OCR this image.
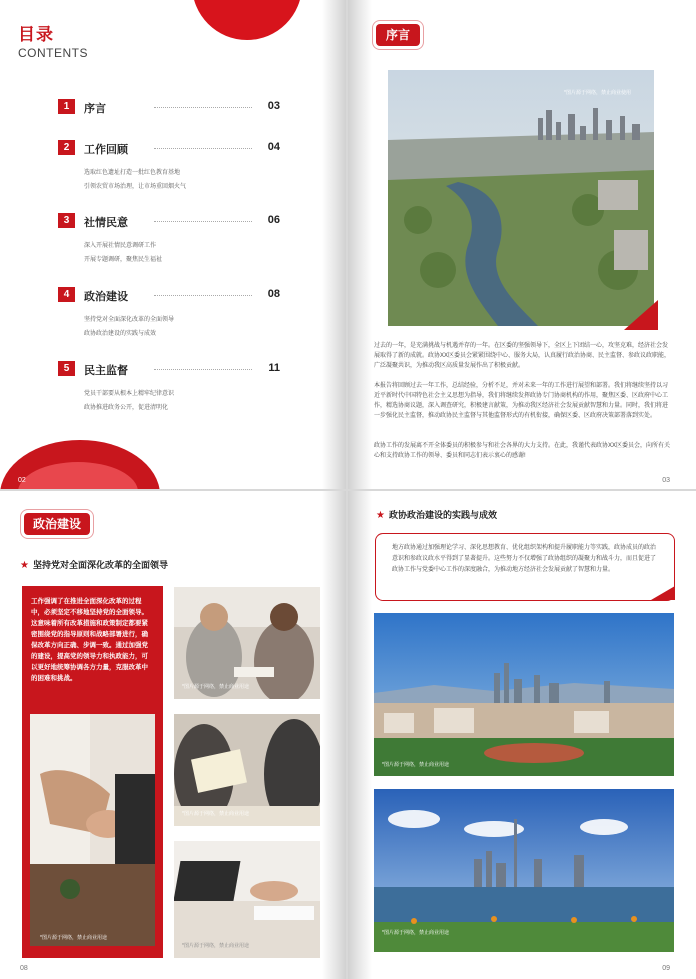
目录
CONTENTS
1	序言	03
2	工作回顾	04
选取红色遗址打造一批红色教育基地
引领农贸市场治理，让市场重回烟火气
3	社情民意	06
深入开展社情民意调研工作
开展专题调研，聚焦民生福祉
4	政治建设	08
坚持党对全面深化改革的全面领导
政协政治建设的实践与成效
5	民主监督	11
党员干部要从根本上精牢纪律意识
政协推进政务公开，促进清明化
02
序言
*图片源于网络，禁止商业使用
过去的一年，是充满挑战与机遇并存的一年。在区委的坚强领导下，全区上下团结一心，攻坚克难，经济社会发展取得了新的成就。政协XX区委员会紧紧围绕中心、服务大局，认真履行政治协商、民主监督、参政议政职能，广泛凝聚共识，为推动我区高质量发展作出了积极贡献。
本报告将回顾过去一年工作，总结经验，分析不足，并对未来一年的工作进行展望和部署。我们将继续坚持以习近平新时代中国特色社会主义思想为指导，我们将继续发挥政协专门协商机构的作用，聚焦区委、区政府中心工作，精选协商议题，深入调查研究，积极建言献策，为推动我区经济社会发展贡献智慧和力量。同时，我们将进一步强化民主监督，推动政协民主监督与其他监督形式的有机衔接，确保区委、区政府决策部署落到实处。
政协工作的发展离不开全体委员的积极参与和社会各界的大力支持。在此，我谨代表政协XX区委员会，向所有关心和支持政协工作的领导、委员和同志们表示衷心的感谢!
03
政治建设
★ 坚持党对全面深化改革的全面领导
工作强调了在推进全面深化改革的过程中，必须坚定不移地坚持党的全面领导。这意味着所有改革措施和政策制定都要紧密围绕党的指导原则和战略部署进行，确保改革方向正确、步调一致。通过加强党的建设，提高党的领导力和执政能力，可以更好地统筹协调各方力量，克服改革中的困难和挑战。
*图片源于网络，禁止商业用途
*图片源于网络，禁止商业用途
*图片源于网络，禁止商业用途
*图片源于网络，禁止商业用途
08
★ 政协政治建设的实践与成效
地方政协通过加强理论学习、深化思想教育、优化组织架构和提升履职能力等实践，政协成员的政治意识和参政议政水平得到了显著提升。这些努力不仅增强了政协组织的凝聚力和战斗力，而且促进了政协工作与党委中心工作的深度融合，为推动地方经济社会发展贡献了智慧和力量。
*图片源于网络，禁止商业用途
*图片源于网络，禁止商业用途
09
